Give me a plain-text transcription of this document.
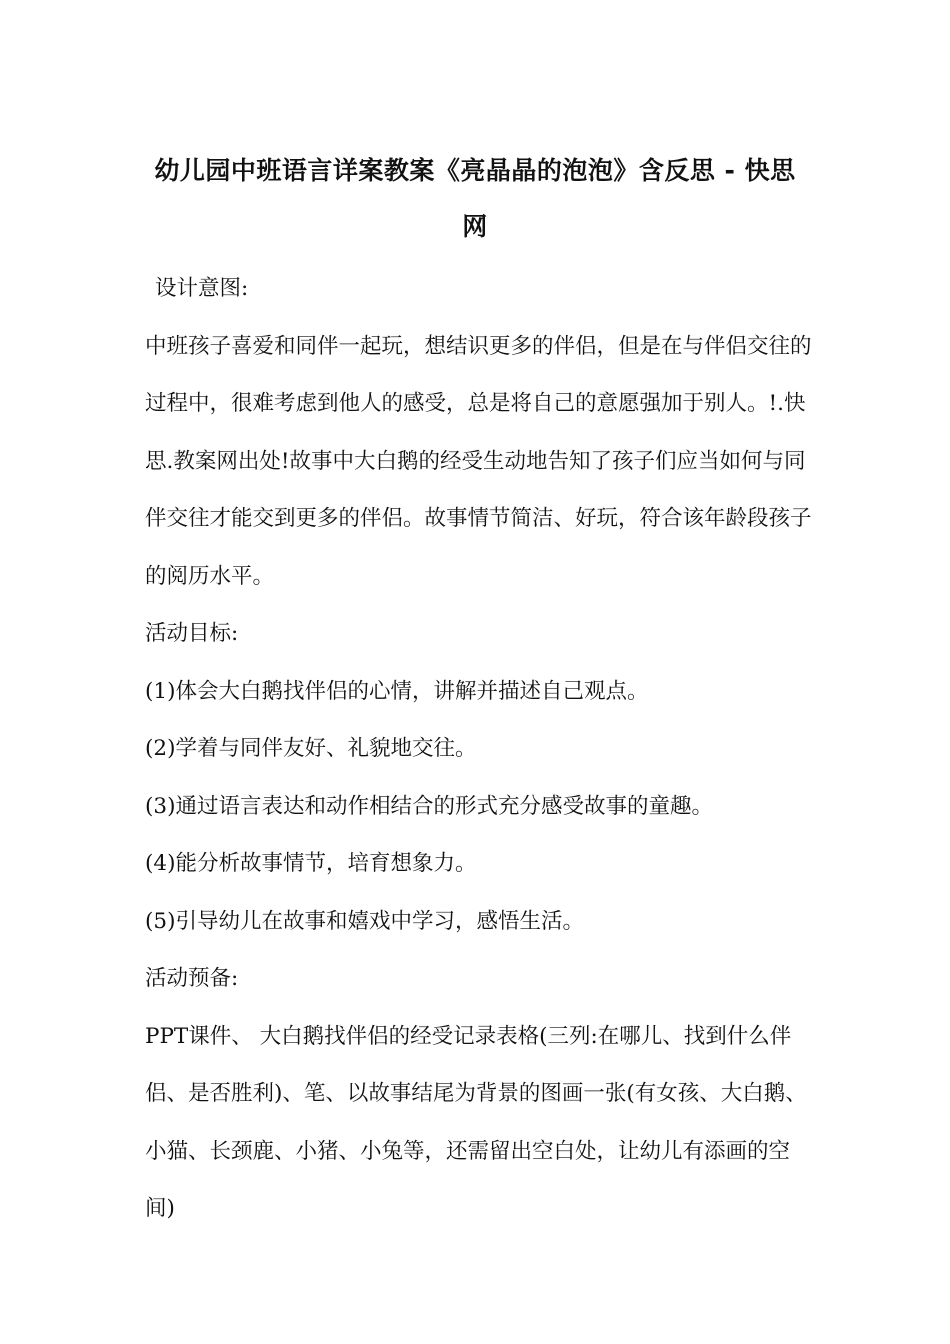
幼儿园中班语言详案教案《亮晶晶的泡泡》含反思 - 快思网

设计意图:

中班孩子喜爱和同伴一起玩，想结识更多的伴侣，但是在与伴侣交往的过程中，很难考虑到他人的感受，总是将自己的意愿强加于别人。!.快思.教案网出处!故事中大白鹅的经受生动地告知了孩子们应当如何与同伴交往才能交到更多的伴侣。故事情节简洁、好玩，符合该年龄段孩子的阅历水平。

活动目标:

(1)体会大白鹅找伴侣的心情，讲解并描述自己观点。

(2)学着与同伴友好、礼貌地交往。

(3)通过语言表达和动作相结合的形式充分感受故事的童趣。

(4)能分析故事情节，培育想象力。

(5)引导幼儿在故事和嬉戏中学习，感悟生活。

活动预备:

PPT课件、 大白鹅找伴侣的经受记录表格(三列:在哪儿、找到什么伴侣、是否胜利)、笔、以故事结尾为背景的图画一张(有女孩、大白鹅、小猫、长颈鹿、小猪、小兔等，还需留出空白处，让幼儿有添画的空间)
